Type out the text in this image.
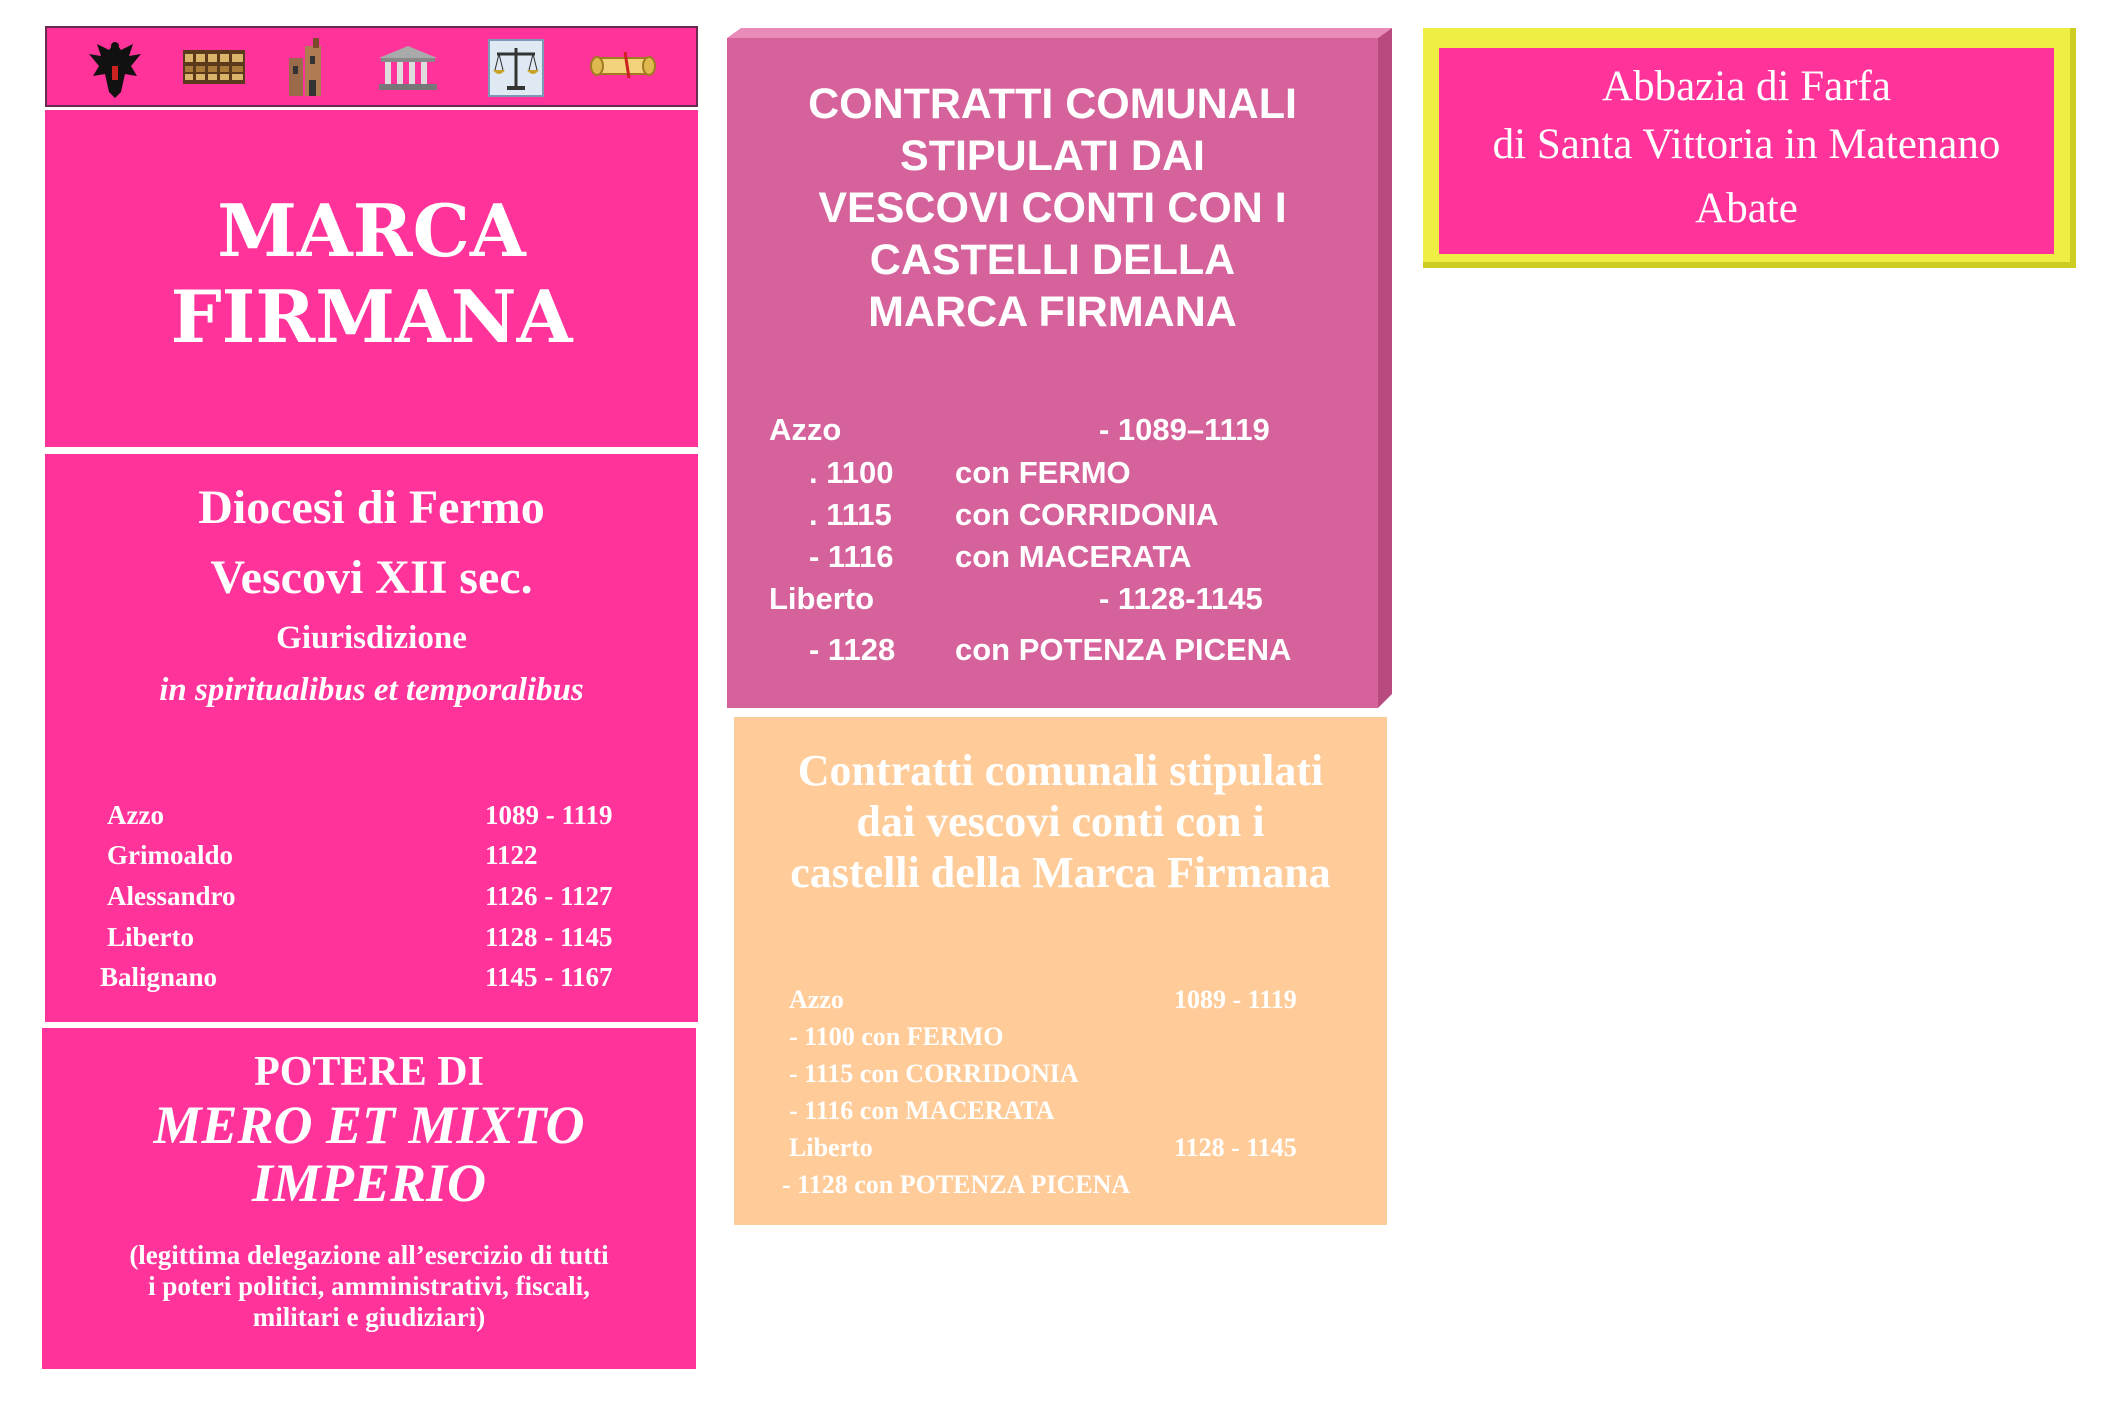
MARCA
FIRMANA
Diocesi di Fermo
Vescovi XII sec.
Giurisdizione
in spiritualibus et temporalibus
Azzo	1089 - 1119
Grimoaldo	1122
Alessandro	1126 - 1127
Liberto	1128 - 1145
Balignano	1145 - 1167
POTERE DI
MERO ET MIXTO
IMPERIO
(legittima delegazione all’esercizio di tutti
i poteri politici, amministrativi, fiscali,
militari e giudiziari)
CONTRATTI COMUNALI
STIPULATI DAI
VESCOVI CONTI CON I
CASTELLI DELLA
MARCA FIRMANA
Azzo	- 1089–1119
. 1100 con FERMO
. 1115 con CORRIDONIA
- 1116 con MACERATA
Liberto	- 1128-1145
- 1128 con POTENZA PICENA
Contratti comunali stipulati
dai vescovi conti con i
castelli della Marca Firmana
Azzo	1089 - 1119
- 1100 con FERMO
- 1115 con CORRIDONIA
- 1116 con MACERATA
Liberto	1128 - 1145
- 1128 con POTENZA PICENA
Abbazia di Farfa
di Santa Vittoria in Matenano
Abate
